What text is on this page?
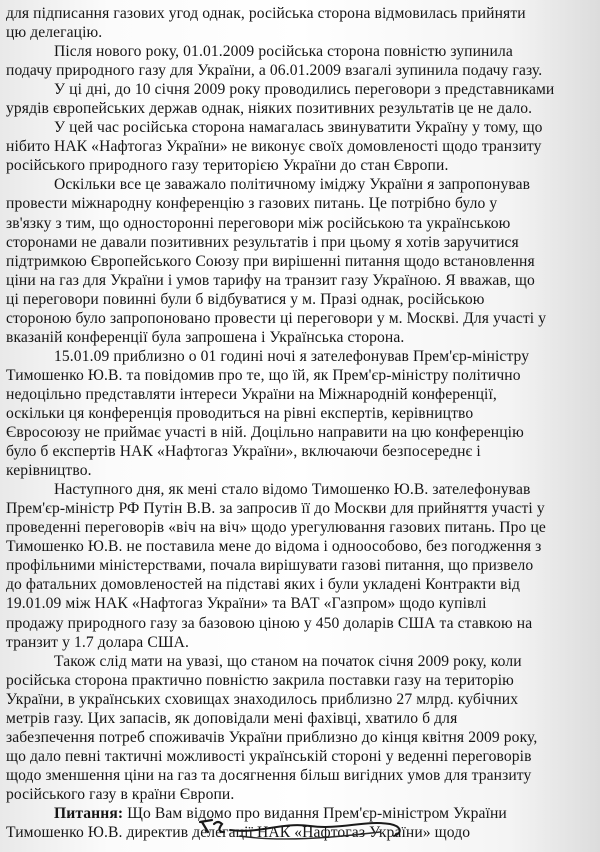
для підписання газових угод однак, російська сторона відмовилась прийняти
цю делегацію.

Після нового року, 01.01.2009 російська сторона повністю зупинила
подачу природного газу для України, а 06.01.2009 взагалі зупинила подачу газу.
У ці дні, до 10 січня 2009 року проводились переговори з представниками
урядів європейських держав однак, ніяких позитивних результатів це не дало.

У цей час російська сторона намагалась звинуватити Україну у тому, що
нібито НАК «Нафтогаз України» не виконує своїх домовленості щодо транзиту
російського природного газу територією України до стан Європи.

Оскільки все це заважало політичному іміджу України я запропонував
провести міжнародну конференцію з газових питань. Це потрібно було у
зв'язку з тим, що односторонні переговори між російською та українською
сторонами не давали позитивних результатів і при цьому я хотів заручитися
підтримкою Європейського Союзу при вирішенні питання щодо встановлення
ціни на газ для України і умов тарифу на транзит газу Україною. Я вважав, що
ці переговори повинні були б відбуватися у м. Празі однак, російською
стороною було запропоновано провести ці переговори у м. Москві. Для участі у
вказаній конференції була запрошена і Українська сторона.

15.01.09 приблизно о 01 годині ночі я зателефонував Прем'єр-міністру
Тимошенко Ю.В. та повідомив про те, що їй, як Прем'єр-міністру політично
недоцільно представляти інтереси України на Міжнародній конференції,
оскільки ця конференція проводиться на рівні експертів, керівництво
Євросоюзу не приймає участі в ній. Доцільно направити на цю конференцію
було б експертів НАК «Нафтогаз України», включаючи безпосереднє і
керівництво.

Наступного дня, як мені стало відомо Тимошенко Ю.В. зателефонував
Прем'єр-міністр РФ Путін В.В. за запросив її до Москви для прийняття участі у
проведенні переговорів «віч на віч» щодо урегулювання газових питань. Про це
Тимошенко Ю.В. не поставила мене до відома і одноособово, без погодження з
профільними міністерствами, почала вирішувати газові питання, що призвело
до фатальних домовленостей на підставі яких і були укладені Контракти від
19.01.09 між НАК «Нафтогаз України» та ВАТ «Газпром» щодо купівлі
продажу природного газу за базовою ціною у 450 доларів США та ставкою на
транзит у 1.7 долара США.

Також слід мати на увазі, що станом на початок січня 2009 року, коли
російська сторона практично повністю закрила поставки газу на територію
України, в українських сховищах знаходилось приблизно 27 млрд. кубічних
метрів газу. Цих запасів, як доповідали мені фахівці, хватило б для
забезпечення потреб споживачів України приблизно до кінця квітня 2009 року,
що дало певні тактичні можливості українській стороні у веденні переговорів
щодо зменшення ціни на газ та досягнення більш вигідних умов для транзиту
російського газу в країни Європи.

Питання: Що Вам відомо про видання Прем'єр-міністром України
Тимошенко Ю.В. директив делегації НАК «Нафтогаз України» щодо
